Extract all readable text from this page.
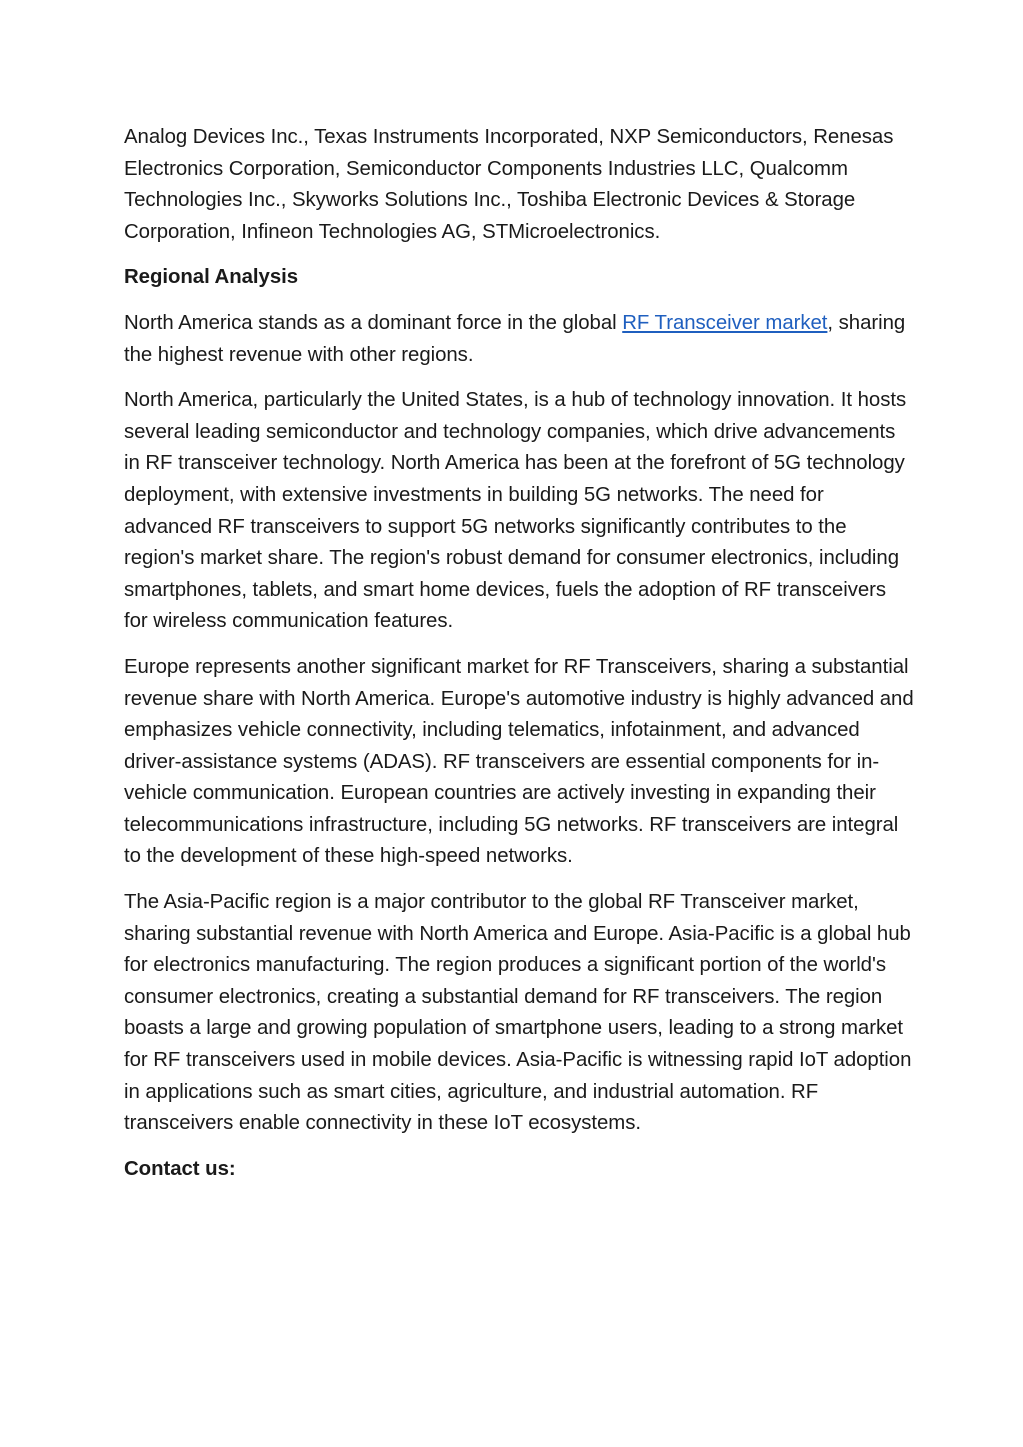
Analog Devices Inc., Texas Instruments Incorporated, NXP Semiconductors, Renesas Electronics Corporation, Semiconductor Components Industries LLC, Qualcomm Technologies Inc., Skyworks Solutions Inc., Toshiba Electronic Devices & Storage Corporation, Infineon Technologies AG, STMicroelectronics.

Regional Analysis

North America stands as a dominant force in the global RF Transceiver market, sharing the highest revenue with other regions.

North America, particularly the United States, is a hub of technology innovation. It hosts several leading semiconductor and technology companies, which drive advancements in RF transceiver technology. North America has been at the forefront of 5G technology deployment, with extensive investments in building 5G networks. The need for advanced RF transceivers to support 5G networks significantly contributes to the region's market share. The region's robust demand for consumer electronics, including smartphones, tablets, and smart home devices, fuels the adoption of RF transceivers for wireless communication features.

Europe represents another significant market for RF Transceivers, sharing a substantial revenue share with North America. Europe's automotive industry is highly advanced and emphasizes vehicle connectivity, including telematics, infotainment, and advanced driver-assistance systems (ADAS). RF transceivers are essential components for in-vehicle communication. European countries are actively investing in expanding their telecommunications infrastructure, including 5G networks. RF transceivers are integral to the development of these high-speed networks.

The Asia-Pacific region is a major contributor to the global RF Transceiver market, sharing substantial revenue with North America and Europe. Asia-Pacific is a global hub for electronics manufacturing. The region produces a significant portion of the world's consumer electronics, creating a substantial demand for RF transceivers. The region boasts a large and growing population of smartphone users, leading to a strong market for RF transceivers used in mobile devices. Asia-Pacific is witnessing rapid IoT adoption in applications such as smart cities, agriculture, and industrial automation. RF transceivers enable connectivity in these IoT ecosystems.

Contact us:
